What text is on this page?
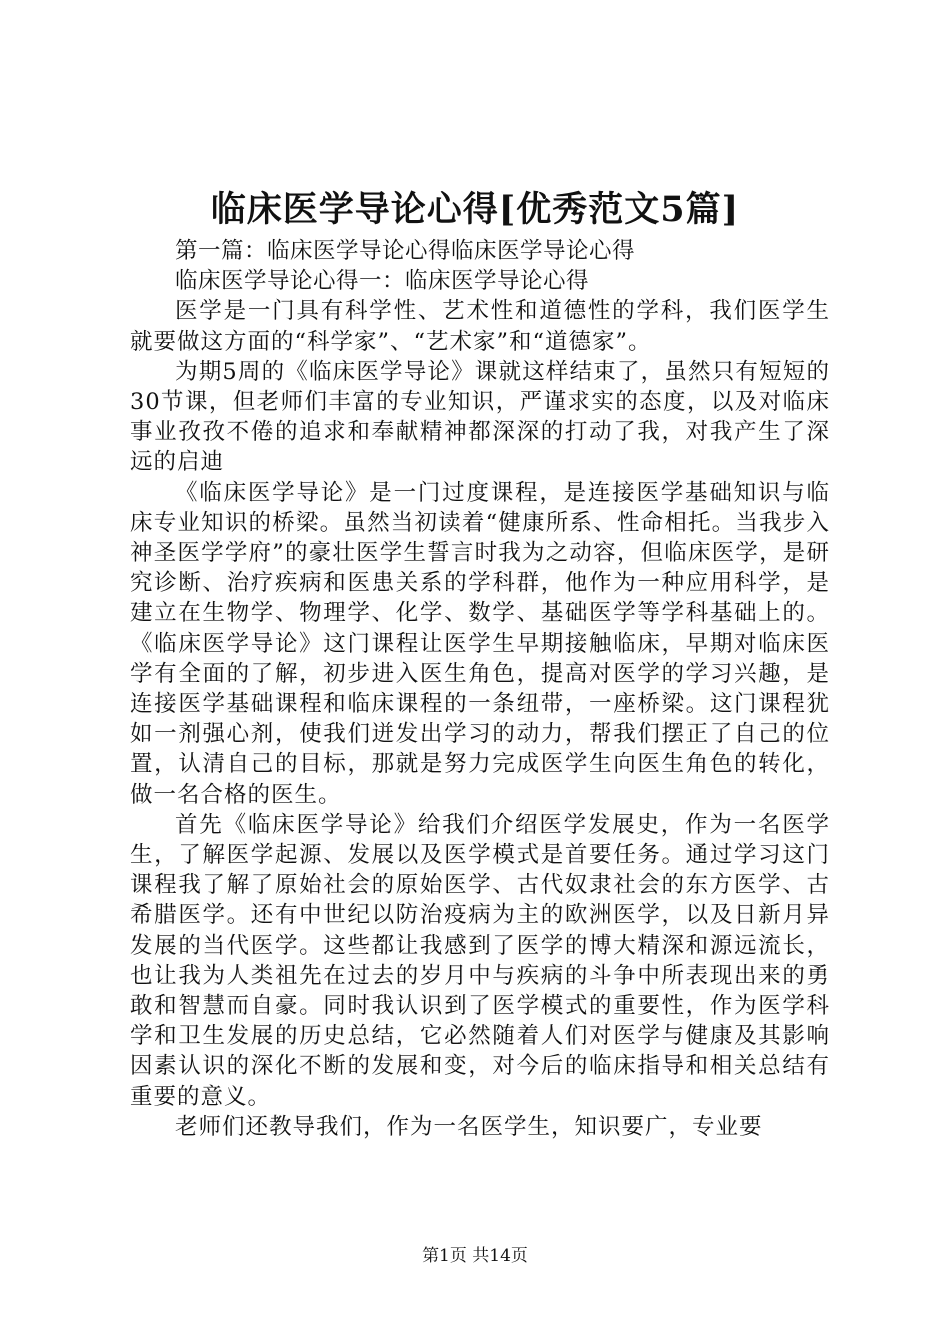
临床医学导论心得[优秀范文5篇]

第一篇：临床医学导论心得临床医学导论心得

临床医学导论心得一：临床医学导论心得

医学是一门具有科学性、艺术性和道德性的学科，我们医学生就要做这方面的“科学家”、“艺术家”和“道德家”。

为期5周的《临床医学导论》课就这样结束了，虽然只有短短的30节课，但老师们丰富的专业知识，严谨求实的态度，以及对临床事业孜孜不倦的追求和奉献精神都深深的打动了我，对我产生了深远的启迪

《临床医学导论》是一门过度课程，是连接医学基础知识与临床专业知识的桥梁。虽然当初读着“健康所系、性命相托。当我步入神圣医学学府”的豪壮医学生誓言时我为之动容，但临床医学，是研究诊断、治疗疾病和医患关系的学科群，他作为一种应用科学，是建立在生物学、物理学、化学、数学、基础医学等学科基础上的。《临床医学导论》这门课程让医学生早期接触临床，早期对临床医学有全面的了解，初步进入医生角色，提高对医学的学习兴趣，是连接医学基础课程和临床课程的一条纽带，一座桥梁。这门课程犹如一剂强心剂，使我们迸发出学习的动力，帮我们摆正了自己的位置，认清自己的目标，那就是努力完成医学生向医生角色的转化，做一名合格的医生。

首先《临床医学导论》给我们介绍医学发展史，作为一名医学生，了解医学起源、发展以及医学模式是首要任务。通过学习这门课程我了解了原始社会的原始医学、古代奴隶社会的东方医学、古希腊医学。还有中世纪以防治疫病为主的欧洲医学，以及日新月异发展的当代医学。这些都让我感到了医学的博大精深和源远流长，也让我为人类祖先在过去的岁月中与疾病的斗争中所表现出来的勇敢和智慧而自豪。同时我认识到了医学模式的重要性，作为医学科学和卫生发展的历史总结，它必然随着人们对医学与健康及其影响因素认识的深化不断的发展和变，对今后的临床指导和相关总结有重要的意义。

老师们还教导我们，作为一名医学生，知识要广，专业要

第1页 共14页
